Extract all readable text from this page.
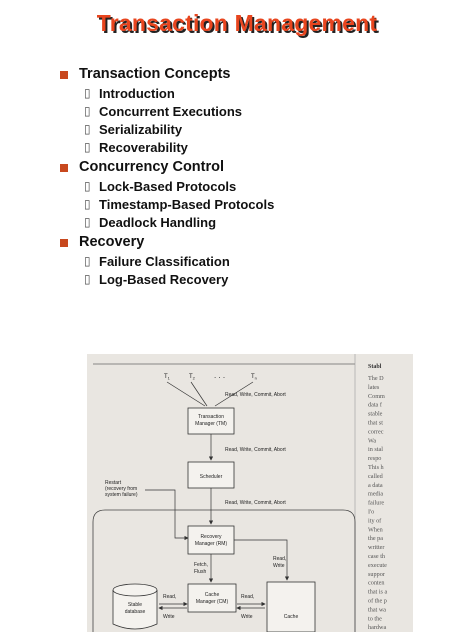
Transaction Management
Transaction Concepts
▯ Introduction
▯ Concurrent Executions
▯ Serializability
▯ Recoverability
Concurrency Control
▯ Lock-Based Protocols
▯ Timestamp-Based Protocols
▯ Deadlock Handling
Recovery
▯ Failure Classification
▯ Log-Based Recovery
$T_1$	$T_2$ . . .	$T_n$
Read, Write, Commit, Abort
Transaction
Manager (TM)
Read, Write, Commit, Abort
Scheduler
Restart
(recovery from
system failure)
Read, Write, Commit, Abort
Recovery
Manager (RM)
Read,
Write
Fetch,
Flush
Cache
Manager (CM)
Stable
database
Read,
Write
Read,
Write	Cache
Stabl
The D
lates
Comm
data f
stable
that st
correc
Wa
in stal
respo
This h
called
a data
media
failure
I'o
ity of
When
the pa
writter
case th
execute
suppor
conten
that is a
of the p
that wa
to the
hardwa
